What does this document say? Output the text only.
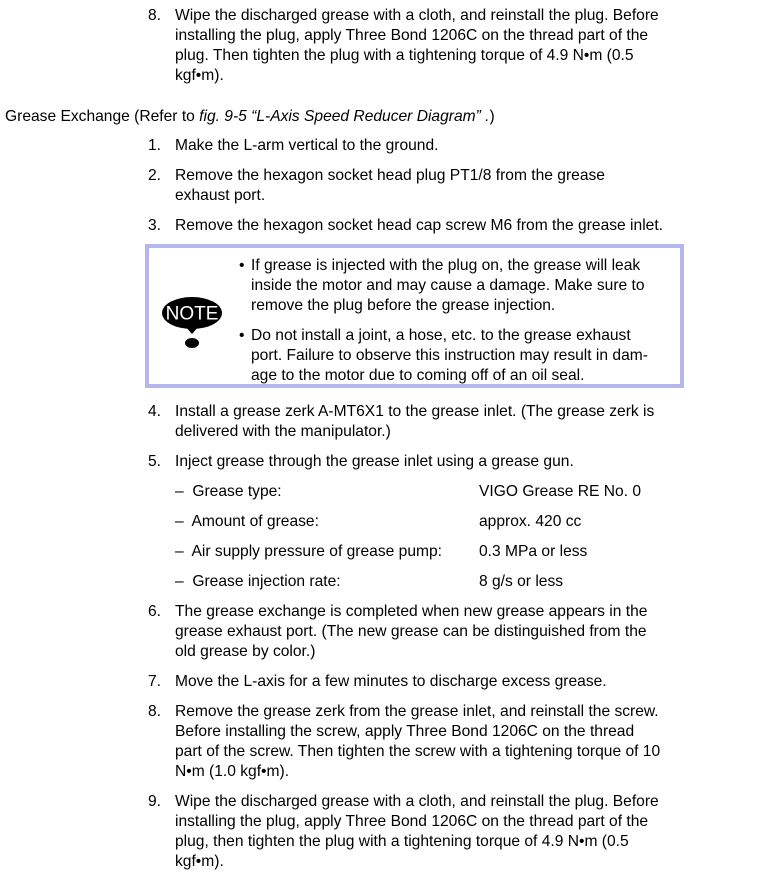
8. Wipe the discharged grease with a cloth, and reinstall the plug. Before
installing the plug, apply Three Bond 1206C on the thread part of the
plug. Then tighten the plug with a tightening torque of 4.9 N•m (0.5
kgf•m).
Grease Exchange (Refer to fig. 9-5 “L-Axis Speed Reducer Diagram” .)
1. Make the L-arm vertical to the ground.
2. Remove the hexagon socket head plug PT1/8 from the grease
exhaust port.
3. Remove the hexagon socket head cap screw M6 from the grease inlet.
NOTE
• If grease is injected with the plug on, the grease will leak
inside the motor and may cause a damage. Make sure to
remove the plug before the grease injection.
• Do not install a joint, a hose, etc. to the grease exhaust
port. Failure to observe this instruction may result in dam-
age to the motor due to coming off of an oil seal.
4. Install a grease zerk A-MT6X1 to the grease inlet. (The grease zerk is
delivered with the manipulator.)
5. Inject grease through the grease inlet using a grease gun.
– Grease type:	VIGO Grease RE No. 0
– Amount of grease:	approx. 420 cc
– Air supply pressure of grease pump: 0.3 MPa or less
– Grease injection rate:	8 g/s or less
6. The grease exchange is completed when new grease appears in the
grease exhaust port. (The new grease can be distinguished from the
old grease by color.)
7. Move the L-axis for a few minutes to discharge excess grease.
8. Remove the grease zerk from the grease inlet, and reinstall the screw.
Before installing the screw, apply Three Bond 1206C on the thread
part of the screw. Then tighten the screw with a tightening torque of 10
N•m (1.0 kgf•m).
9. Wipe the discharged grease with a cloth, and reinstall the plug. Before
installing the plug, apply Three Bond 1206C on the thread part of the
plug, then tighten the plug with a tightening torque of 4.9 N•m (0.5
kgf•m).
